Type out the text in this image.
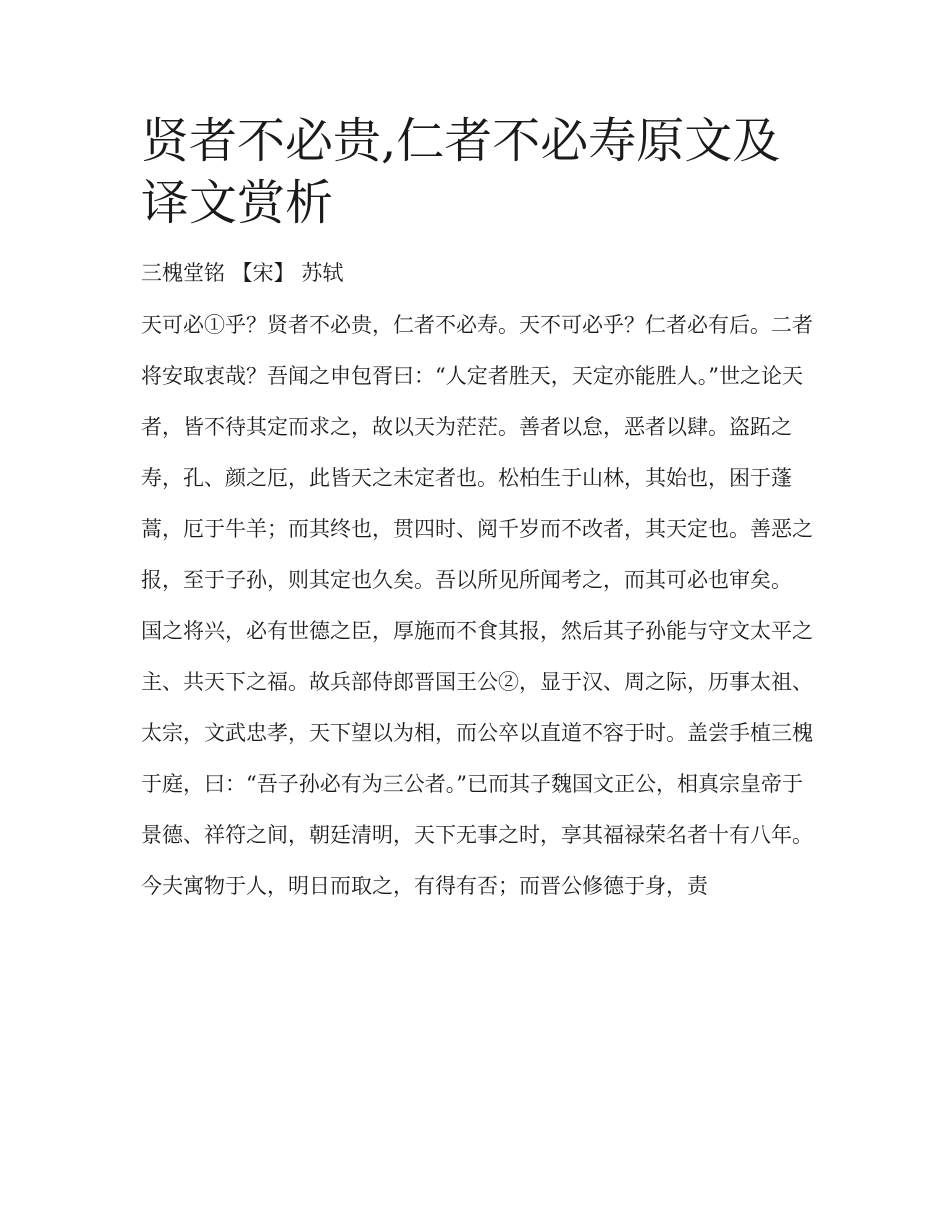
贤者不必贵,仁者不必寿原文及译文赏析
三槐堂铭 【宋】 苏轼

天可必①乎？贤者不必贵，仁者不必寿。天不可必乎？仁者必有后。二者将安取衷哉？吾闻之申包胥曰：“人定者胜天，天定亦能胜人。”世之论天者，皆不待其定而求之，故以天为茫茫。善者以怠，恶者以肆。盗跖之寿，孔、颜之厄，此皆天之未定者也。松柏生于山林，其始也，困于蓬蒿，厄于牛羊；而其终也，贯四时、阅千岁而不改者，其天定也。善恶之报，至于子孙，则其定也久矣。吾以所见所闻考之，而其可必也审矣。

国之将兴，必有世德之臣，厚施而不食其报，然后其子孙能与守文太平之主、共天下之福。故兵部侍郎晋国王公②，显于汉、周之际，历事太祖、太宗，文武忠孝，天下望以为相，而公卒以直道不容于时。盖尝手植三槐于庭，曰：“吾子孙必有为三公者。”已而其子魏国文正公，相真宗皇帝于景德、祥符之间，朝廷清明，天下无事之时，享其福禄荣名者十有八年。今夫寓物于人，明日而取之，有得有否；而晋公修德于身，责
